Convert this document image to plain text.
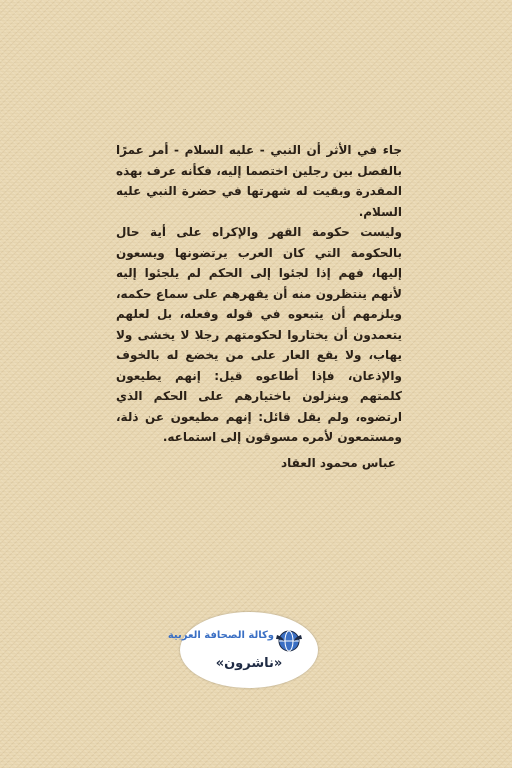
جاء في الأثر أن النبي - عليه السلام - أمر عمرًا بالفصل بين رجلين اختصما إليه، فكأنه عرف بهذه المقدرة وبقيت له شهرتها في حضرة النبي عليه السلام.

وليست حكومة القهر والإكراه على أية حال بالحكومة التي كان العرب يرتضونها ويسعون إليها، فهم إذا لجئوا إلى الحكم لم يلجئوا إليه لأنهم ينتظرون منه أن يقهرهم على سماع حكمه، ويلزمهم أن يتبعوه في قوله وفعله، بل لعلهم يتعمدون أن يختاروا لحكومتهم رجلا لا يخشى ولا يهاب، ولا يقع العار على من يخضع له بالخوف والإذعان، فإذا أطاعوه قيل: إنهم يطيعون كلمتهم وينزلون باختيارهم على الحكم الذي ارتضوه، ولم يقل قائل: إنهم مطيعون عن ذلة، ومستمعون لأمره مسوقون إلى استماعه.

عباس محمود العقاد
وكالة الصحافة العربية
«ناشرون»
